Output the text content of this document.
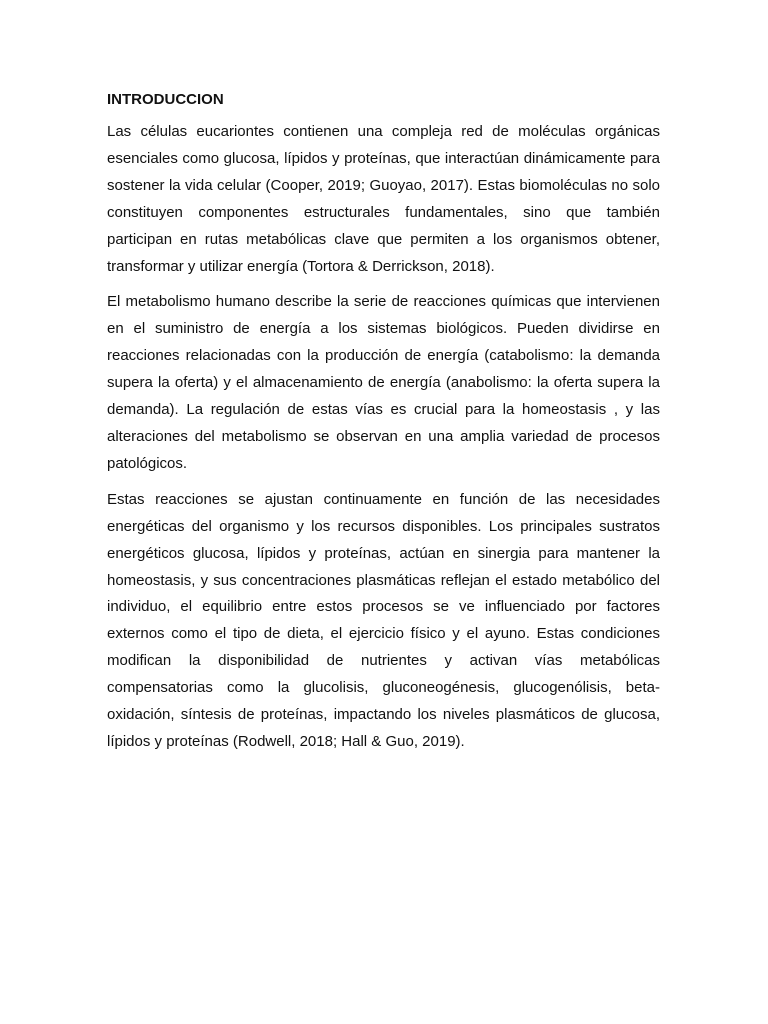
INTRODUCCION

Las células eucariontes contienen una compleja red de moléculas orgánicas esenciales como glucosa, lípidos y proteínas, que interactúan dinámicamente para sostener la vida celular (Cooper, 2019; Guoyao, 2017). Estas biomoléculas no solo constituyen componentes estructurales fundamentales, sino que también participan en rutas metabólicas clave que permiten a los organismos obtener, transformar y utilizar energía (Tortora & Derrickson, 2018).

El metabolismo humano describe la serie de reacciones químicas que intervienen en el suministro de energía a los sistemas biológicos. Pueden dividirse en reacciones relacionadas con la producción de energía (catabolismo: la demanda supera la oferta) y el almacenamiento de energía (anabolismo: la oferta supera la demanda). La regulación de estas vías es crucial para la homeostasis , y las alteraciones del metabolismo se observan en una amplia variedad de procesos patológicos.

Estas reacciones se ajustan continuamente en función de las necesidades energéticas del organismo y los recursos disponibles. Los principales sustratos energéticos glucosa, lípidos y proteínas, actúan en sinergia para mantener la homeostasis, y sus concentraciones plasmáticas reflejan el estado metabólico del individuo, el equilibrio entre estos procesos se ve influenciado por factores externos como el tipo de dieta, el ejercicio físico y el ayuno. Estas condiciones modifican la disponibilidad de nutrientes y activan vías metabólicas compensatorias como la glucolisis, gluconeogénesis, glucogenólisis, beta-oxidación, síntesis de proteínas, impactando los niveles plasmáticos de glucosa, lípidos y proteínas (Rodwell, 2018; Hall & Guo, 2019).
